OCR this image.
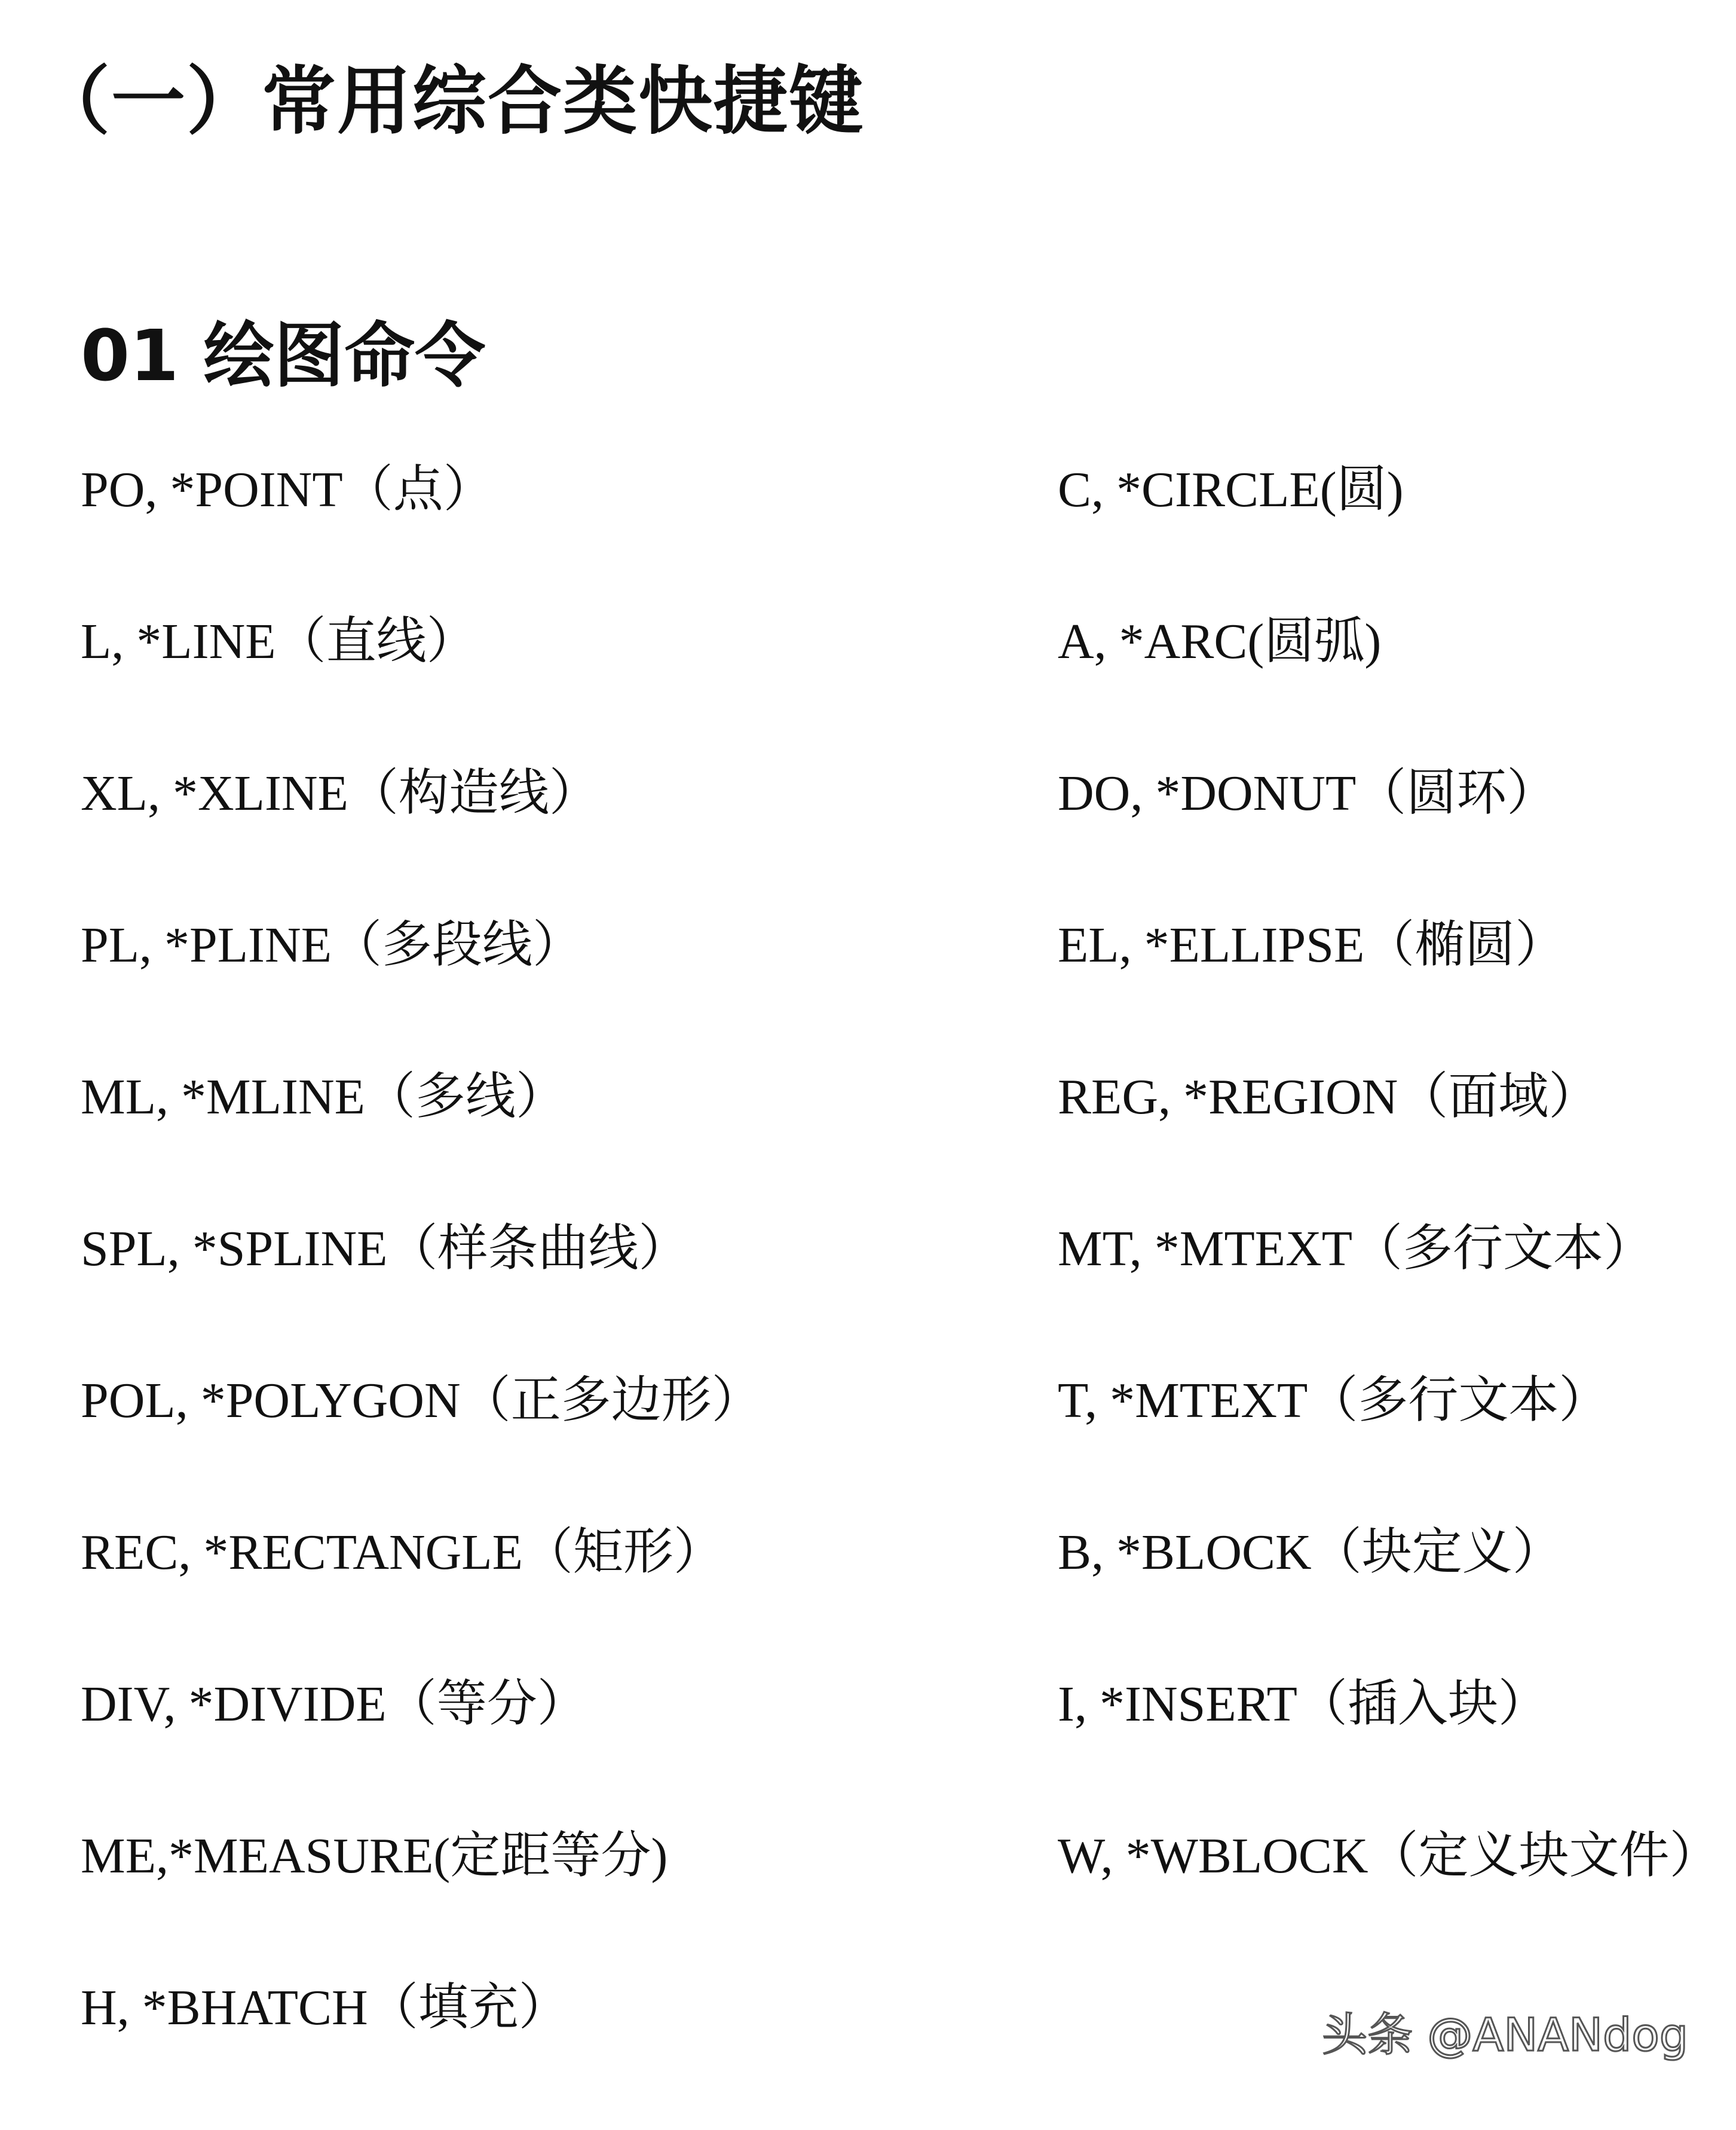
（一）常用综合类快捷键
01 绘图命令
PO, *POINT（点）
L, *LINE（直线）
XL, *XLINE（构造线）
PL, *PLINE（多段线）
ML, *MLINE（多线）
SPL, *SPLINE（样条曲线）
POL, *POLYGON（正多边形）
REC, *RECTANGLE（矩形）
DIV, *DIVIDE（等分）
ME,*MEASURE(定距等分)
H, *BHATCH（填充）
C, *CIRCLE(圆)
A, *ARC(圆弧)
DO, *DONUT（圆环）
EL, *ELLIPSE（椭圆）
REG, *REGION（面域）
MT, *MTEXT（多行文本）
T, *MTEXT（多行文本）
B, *BLOCK（块定义）
I, *INSERT（插入块）
W, *WBLOCK（定义块文件）
头条 @ANANdog
